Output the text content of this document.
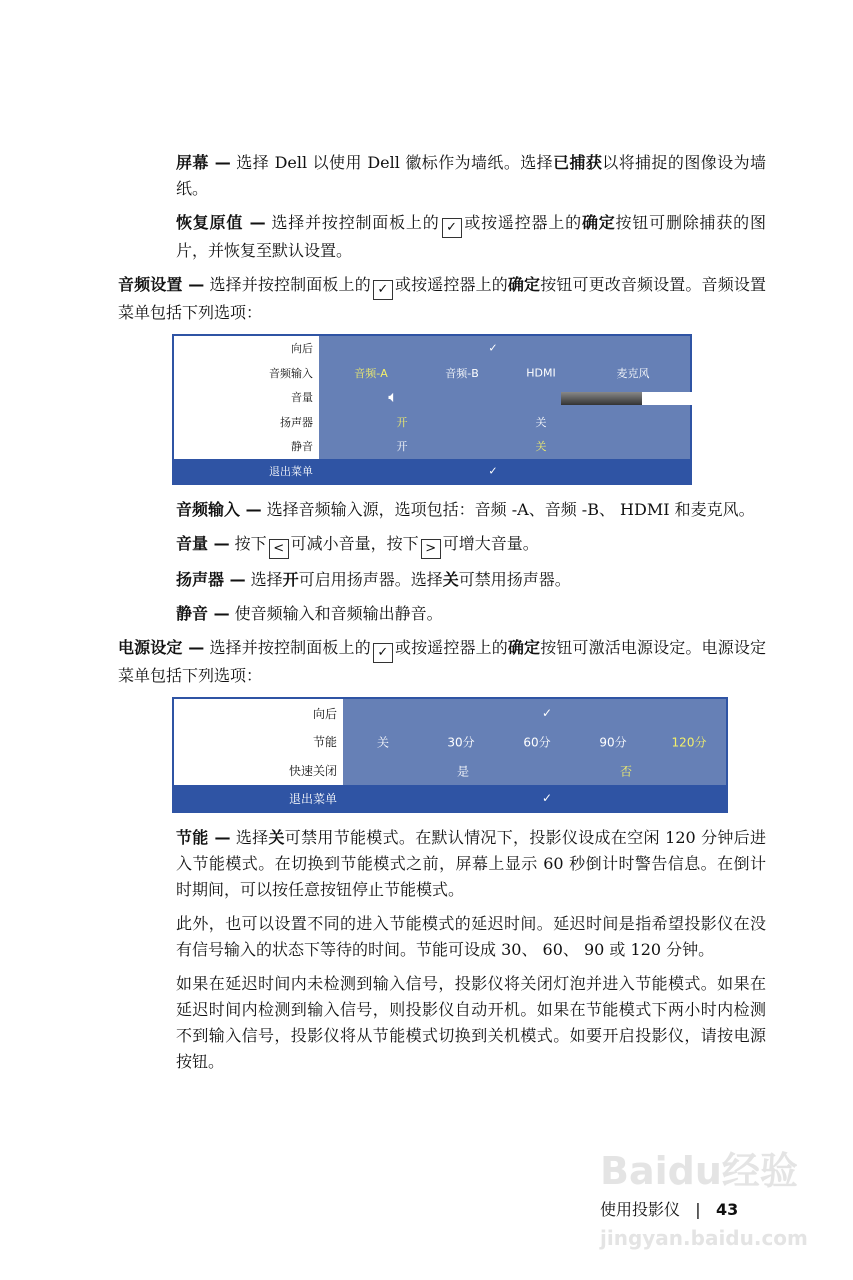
屏幕 — 选择 Dell 以使用 Dell 徽标作为墙纸。选择已捕获以将捕捉的图像设为墙纸。
恢复原值 — 选择并按控制面板上的 ✓ 或按遥控器上的确定按钮可删除捕获的图片，并恢复至默认设置。
音频设置 — 选择并按控制面板上的 ✓ 或按遥控器上的确定按钮可更改音频设置。音频设置菜单包括下列选项：
向后	✓
音频输入	音频-A	音频-B	HDMI	麦克风
音量	🔈︎	20
扬声器	开	关
静音	开	关
退出菜单	✓
音频输入 — 选择音频输入源，选项包括：音频 -A、音频 -B、 HDMI 和麦克风。
音量 — 按下 < 可减小音量，按下 > 可增大音量。
扬声器 — 选择开可启用扬声器。选择关可禁用扬声器。
静音 — 使音频输入和音频输出静音。
电源设定 — 选择并按控制面板上的 ✓ 或按遥控器上的确定按钮可激活电源设定。电源设定菜单包括下列选项：
向后	✓
节能	关	30分	60分	90分	120分
快速关闭	是	否
退出菜单	✓
节能 — 选择关可禁用节能模式。在默认情况下，投影仪设成在空闲 120 分钟后进入节能模式。在切换到节能模式之前，屏幕上显示 60 秒倒计时警告信息。在倒计时期间，可以按任意按钮停止节能模式。
此外，也可以设置不同的进入节能模式的延迟时间。延迟时间是指希望投影仪在没有信号输入的状态下等待的时间。节能可设成 30、 60、 90 或 120 分钟。
如果在延迟时间内未检测到输入信号，投影仪将关闭灯泡并进入节能模式。如果在延迟时间内检测到输入信号，则投影仪自动开机。如果在节能模式下两小时内检测不到输入信号，投影仪将从节能模式切换到关机模式。如要开启投影仪，请按电源按钮。
Baidu经验
使用投影仪 | 43
jingyan.baidu.com
